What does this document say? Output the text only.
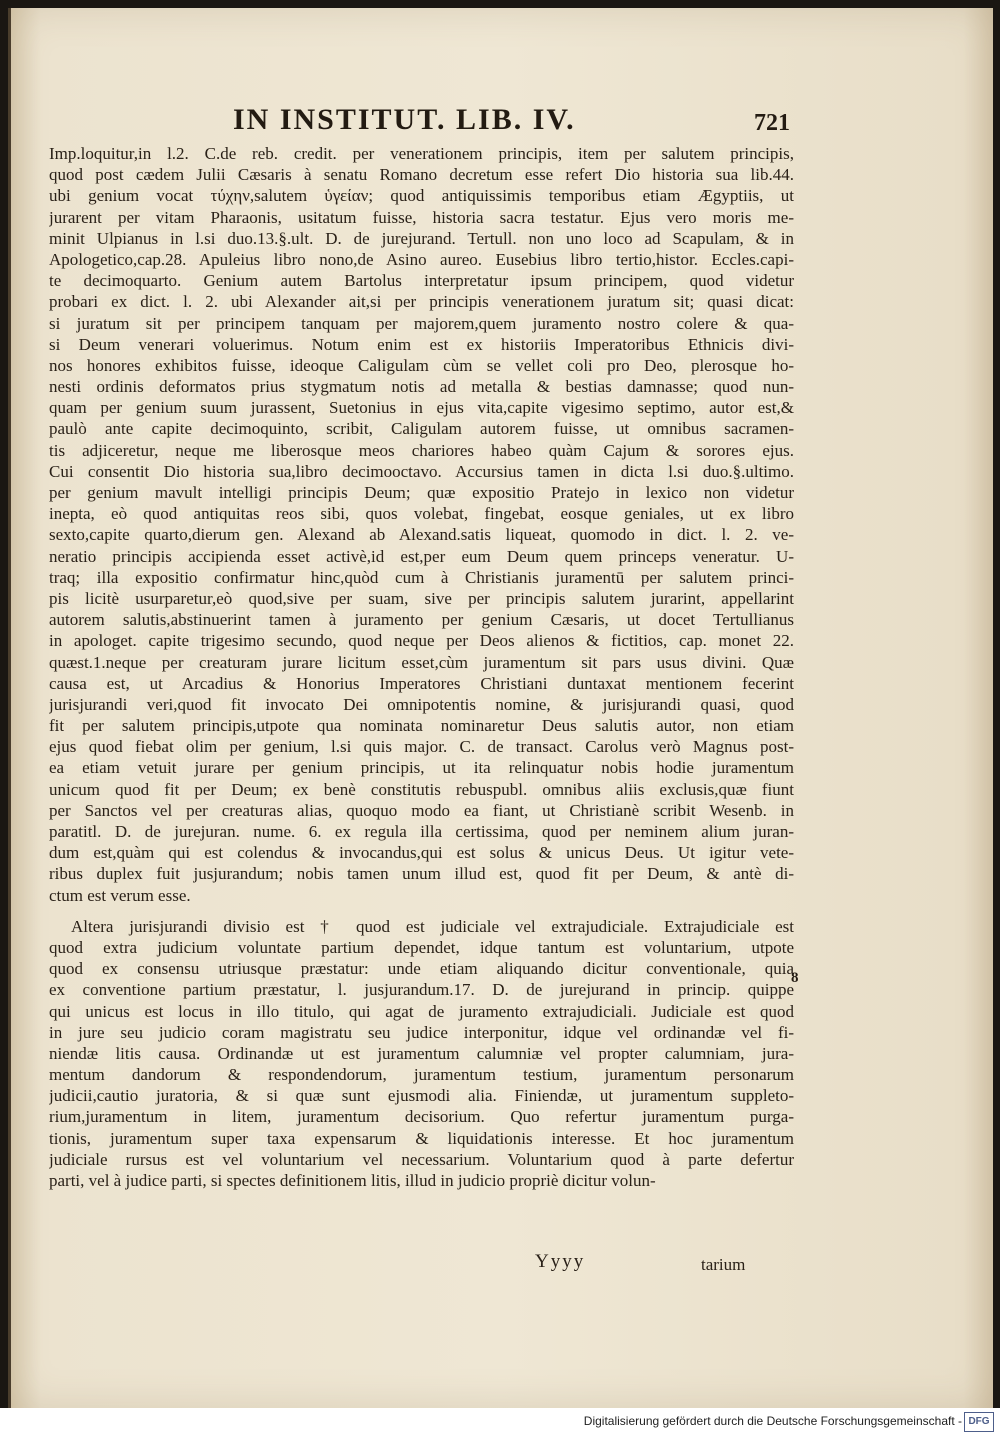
IN INSTITUT. LIB. IV.	721
Imp.loquitur,in l.2. C.de reb. credit. per venerationem principis, item per salutem principis,
quod post cædem Julii Cæsaris à senatu Romano decretum esse refert Dio historia sua lib.44.
ubi genium vocat τύχην,salutem ὑγείαν; quod antiquissimis temporibus etiam Ægyptiis, ut
jurarent per vitam Pharaonis, usitatum fuisse, historia sacra testatur. Ejus vero moris me-
minit Ulpianus in l.si duo.13.§.ult. D. de jurejurand. Tertull. non uno loco ad Scapulam, & in
Apologetico,cap.28. Apuleius libro nono,de Asino aureo. Eusebius libro tertio,histor. Eccles.capi-
te decimoquarto. Genium autem Bartolus interpretatur ipsum principem, quod videtur
probari ex dict. l. 2. ubi Alexander ait,si per principis venerationem juratum sit; quasi dicat:
si juratum sit per principem tanquam per majorem,quem juramento nostro colere & qua-
si Deum venerari voluerimus. Notum enim est ex historiis Imperatoribus Ethnicis divi-
nos honores exhibitos fuisse, ideoque Caligulam cùm se vellet coli pro Deo, plerosque ho-
nesti ordinis deformatos prius stygmatum notis ad metalla & bestias damnasse; quod nun-
quam per genium suum jurassent, Suetonius in ejus vita,capite vigesimo septimo, autor est,&
paulò ante capite decimoquinto, scribit, Caligulam autorem fuisse, ut omnibus sacramen-
tis adjiceretur, neque me liberosque meos chariores habeo quàm Cajum & sorores ejus.
Cui consentit Dio historia sua,libro decimooctavo. Accursius tamen in dicta l.si duo.§.ultimo.
per genium mavult intelligi principis Deum; quæ expositio Pratejo in lexico non videtur
inepta, eò quod antiquitas reos sibi, quos volebat, fingebat, eosque geniales, ut ex libro
sexto,capite quarto,dierum gen. Alexand ab Alexand.satis liqueat, quomodo in dict. l. 2. ve-
neratio principis accipienda esset activè,id est,per eum Deum quem princeps veneratur. U-
traq; illa expositio confirmatur hinc,quòd cum à Christianis juramentū per salutem princi-
pis licitè usurparetur,eò quod,sive per suam, sive per principis salutem jurarint, appellarint
autorem salutis,abstinuerint tamen à juramento per genium Cæsaris, ut docet Tertullianus
in apologet. capite trigesimo secundo, quod neque per Deos alienos & fictitios, cap. monet 22.
quæst.1.neque per creaturam jurare licitum esset,cùm juramentum sit pars usus divini. Quæ
causa est, ut Arcadius & Honorius Imperatores Christiani duntaxat mentionem fecerint
jurisjurandi veri,quod fit invocato Dei omnipotentis nomine, & jurisjurandi quasi, quod
fit per salutem principis,utpote qua nominata nominaretur Deus salutis autor, non etiam
ejus quod fiebat olim per genium, l.si quis major. C. de transact. Carolus verò Magnus post-
ea etiam vetuit jurare per genium principis, ut ita relinquatur nobis hodie juramentum
unicum quod fit per Deum; ex benè constitutis rebuspubl. omnibus aliis exclusis,quæ fiunt
per Sanctos vel per creaturas alias, quoquo modo ea fiant, ut Christianè scribit Wesenb. in
paratitl. D. de jurejuran. nume. 6. ex regula illa certissima, quod per neminem alium juran-
dum est,quàm qui est colendus & invocandus,qui est solus & unicus Deus. Ut igitur vete-
ribus duplex fuit jusjurandum; nobis tamen unum illud est, quod fit per Deum, & antè di-
ctum est verum esse.
Altera jurisjurandi divisio est † quod est judiciale vel extrajudiciale. Extrajudiciale est
quod extra judicium voluntate partium dependet, idque tantum est voluntarium, utpote
quod ex consensu utriusque præstatur: unde etiam aliquando dicitur conventionale, quia
ex conventione partium præstatur, l. jusjurandum.17. D. de jurejurand in princip. quippe
qui unicus est locus in illo titulo, qui agat de juramento extrajudiciali. Judiciale est quod
in jure seu judicio coram magistratu seu judice interponitur, idque vel ordinandæ vel fi-
niendæ litis causa. Ordinandæ ut est juramentum calumniæ vel propter calumniam, jura-
mentum dandorum & respondendorum, juramentum testium, juramentum personarum
judicii,cautio juratoria, & si quæ sunt ejusmodi alia. Finiendæ, ut juramentum suppleto-
rium,juramentum in litem, juramentum decisorium. Quo refertur juramentum purga-
tionis, juramentum super taxa expensarum & liquidationis interesse. Et hoc juramentum
judiciale rursus est vel voluntarium vel necessarium. Voluntarium quod à parte defertur
parti, vel à judice parti, si spectes definitionem litis, illud in judicio propriè dicitur volun-
8
Yyyy	tarium
Digitalisierung gefördert durch die Deutsche Forschungsgemeinschaft - DFG
